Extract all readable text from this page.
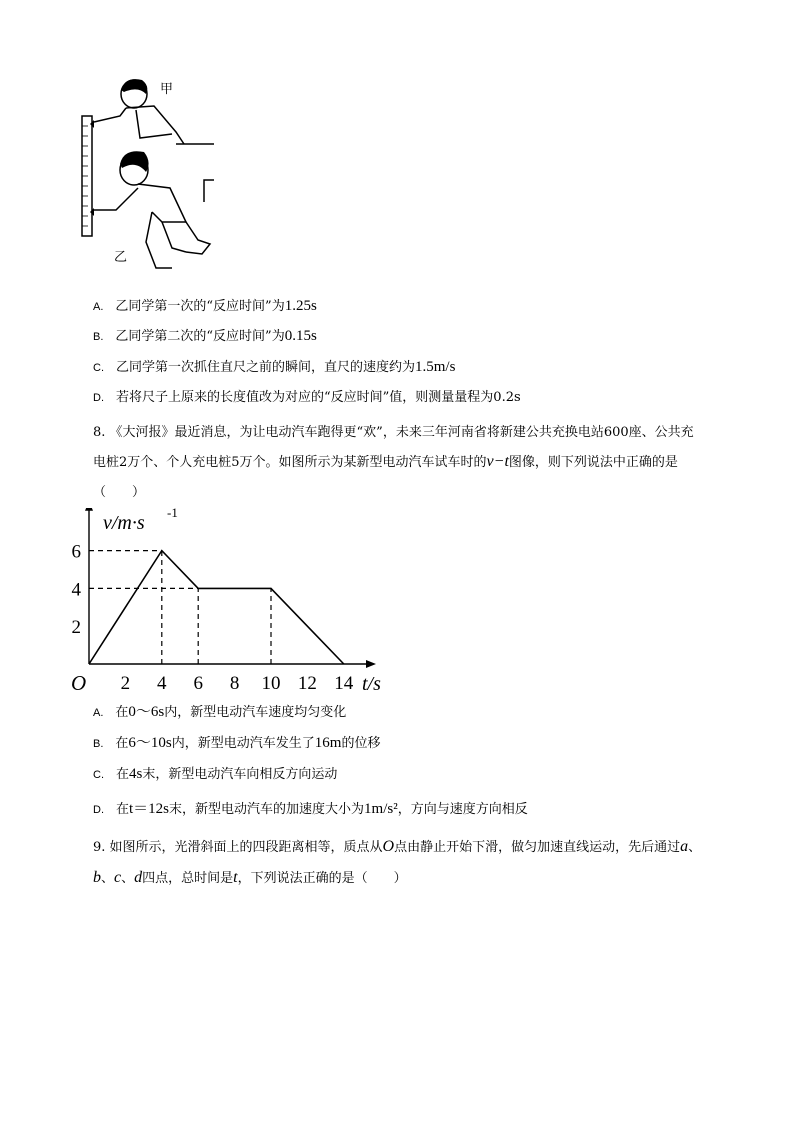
甲
乙
A. 乙同学第一次的“反应时间”为1.25s
B. 乙同学第二次的“反应时间”为0.15s
C. 乙同学第一次抓住直尺之前的瞬间，直尺的速度约为1.5m/s
D. 若将尺子上原来的长度值改为对应的“反应时间”值，则测量量程为0.2s
8. 《大河报》最近消息，为让电动汽车跑得更“欢”，未来三年河南省将新建公共充换电站600座、公共充
电桩2万个、个人充电桩5万个。如图所示为某新型电动汽车试车时的v−t图像，则下列说法中正确的是
（　　）
2 4 6 8 10 12 14
2
4
6
O	t/s
v/m·s -1
A. 在0～6s内，新型电动汽车速度均匀变化
B. 在6～10s内，新型电动汽车发生了16m的位移
C. 在4s末，新型电动汽车向相反方向运动
D. 在t＝12s末，新型电动汽车的加速度大小为1m/s²，方向与速度方向相反
9. 如图所示，光滑斜面上的四段距离相等，质点从O点由静止开始下滑，做匀加速直线运动，先后通过a、
b、c、d四点，总时间是t，下列说法正确的是（　　）
